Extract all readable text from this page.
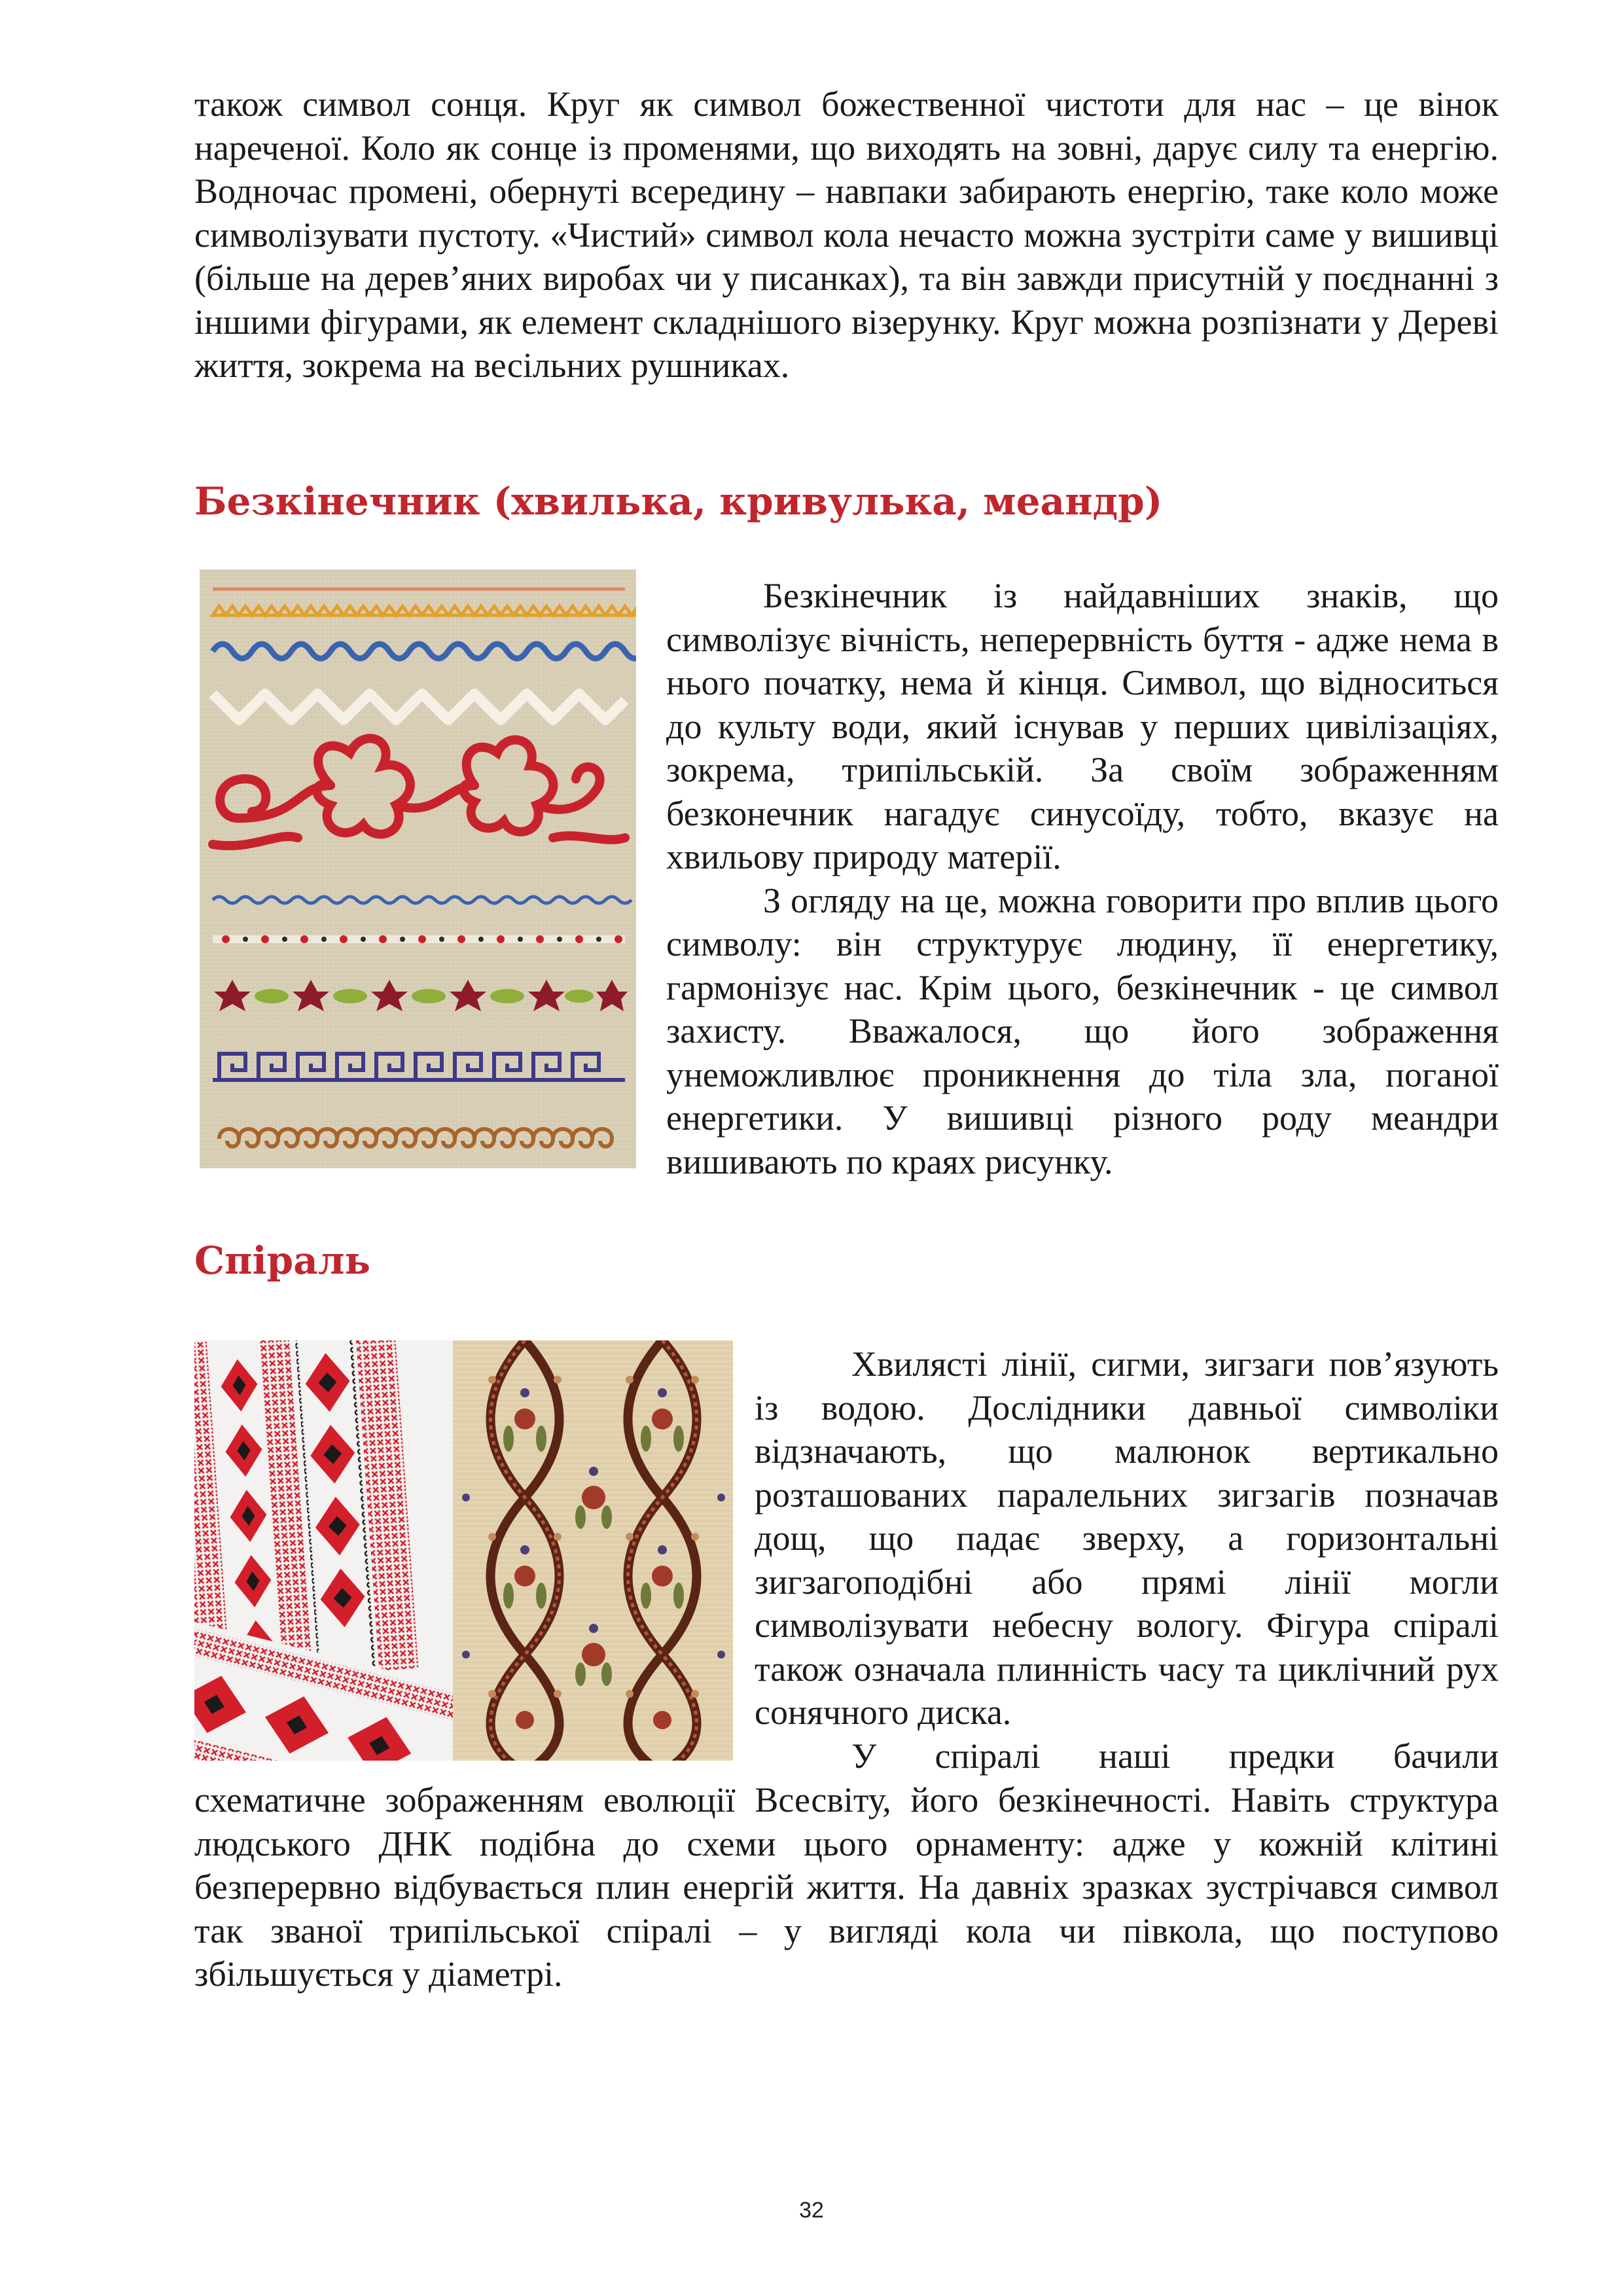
також символ сонця. Круг як символ божественної чистоти для нас – це вінок нареченої. Коло як сонце із променями, що виходять на зовні, дарує силу та енергію. Водночас промені, обернуті всередину – навпаки забирають енергію, таке коло може символізувати пустоту. «Чистий» символ кола нечасто можна зустріти саме у вишивці (більше на дерев’яних виробах чи у писанках), та він завжди присутній у поєднанні з іншими фігурами, як елемент складнішого візерунку. Круг можна розпізнати у Дереві життя, зокрема на весільних рушниках.

Безкінечник (хвилька, кривулька, меандр)

Безкінечник із найдавніших знаків, що символізує вічність, неперервність буття - адже нема в нього початку, нема й кінця. Символ, що відноситься до культу води, який існував у перших цивілізаціях, зокрема, трипільській. За своїм зображенням безконечник нагадує синусоїду, тобто, вказує на хвильову природу матерії.

З огляду на це, можна говорити про вплив цього символу: він структурує людину, її енергетику, гармонізує нас. Крім цього, безкінечник - це символ захисту. Вважалося, що його зображення унеможливлює проникнення до тіла зла, поганої енергетики. У вишивці різного роду меандри вишивають по краях рисунку.

Спіраль

Хвилясті лінії, сигми, зигзаги пов’язують із водою. Дослідники давньої символіки відзначають, що малюнок вертикально розташованих паралельних зигзагів позначав дощ, що падає зверху, а горизонтальні зигзагоподібні або прямі лінії могли символізувати небесну вологу. Фігура спіралі також означала плинність часу та циклічний рух сонячного диска.

У спіралі наші предки бачили

схематичне зображенням еволюції Всесвіту, його безкінечності. Навіть структура людського ДНК подібна до схеми цього орнаменту: адже у кожній клітині безперервно відбувається плин енергій життя. На давніх зразках зустрічався символ так званої трипільської спіралі – у вигляді кола чи півкола, що поступово збільшується у діаметрі.

32
